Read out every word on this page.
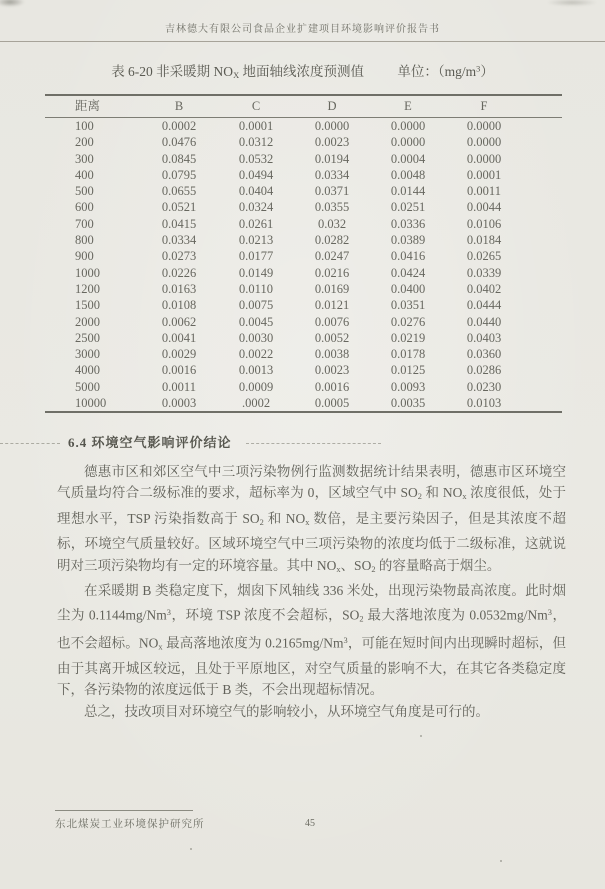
吉林德大有限公司食品企业扩建项目环境影响评价报告书
表 6-20 非采暖期 $NO_X$ 地面轴线浓度预测值 单位：$(mg/m^3)$
距离	B	C	D	E	F
100	0.0002	0.0001	0.0000	0.0000	0.0000
200	0.0476	0.0312	0.0023	0.0000	0.0000
300	0.0845	0.0532	0.0194	0.0004	0.0000
400	0.0795	0.0494	0.0334	0.0048	0.0001
500	0.0655	0.0404	0.0371	0.0144	0.0011
600	0.0521	0.0324	0.0355	0.0251	0.0044
700	0.0415	0.0261	0.032	0.0336	0.0106
800	0.0334	0.0213	0.0282	0.0389	0.0184
900	0.0273	0.0177	0.0247	0.0416	0.0265
1000	0.0226	0.0149	0.0216	0.0424	0.0339
1200	0.0163	0.0110	0.0169	0.0400	0.0402
1500	0.0108	0.0075	0.0121	0.0351	0.0444
2000	0.0062	0.0045	0.0076	0.0276	0.0440
2500	0.0041	0.0030	0.0052	0.0219	0.0403
3000	0.0029	0.0022	0.0038	0.0178	0.0360
4000	0.0016	0.0013	0.0023	0.0125	0.0286
5000	0.0011	0.0009	0.0016	0.0093	0.0230
10000	0.0003	.0002	0.0005	0.0035	0.0103
6.4 环境空气影响评价结论

德惠市区和郊区空气中三项污染物例行监测数据统计结果表明，德惠市区环境空气质量均符合二级标准的要求，超标率为 0，区域空气中 $SO_2$ 和 $NO_x$ 浓度很低，处于理想水平，TSP 污染指数高于 $SO_2$ 和 $NO_x$ 数倍，是主要污染因子，但是其浓度不超标，环境空气质量较好。区域环境空气中三项污染物的浓度均低于二级标准，这就说明对三项污染物均有一定的环境容量。其中 $NO_x$、$SO_2$ 的容量略高于烟尘。

在采暖期 B 类稳定度下，烟囱下风轴线 336 米处，出现污染物最高浓度。此时烟尘为 0.1144mg/Nm$^3$，环境 TSP 浓度不会超标，$SO_2$ 最大落地浓度为 0.0532mg/Nm$^3$，也不会超标。$NO_x$ 最高落地浓度为 0.2165mg/Nm$^3$，可能在短时间内出现瞬时超标，但由于其离开城区较远，且处于平原地区，对空气质量的影响不大，在其它各类稳定度下，各污染物的浓度远低于 B 类，不会出现超标情况。

总之，技改项目对环境空气的影响较小，从环境空气角度是可行的。

东北煤炭工业环境保护研究所	45
